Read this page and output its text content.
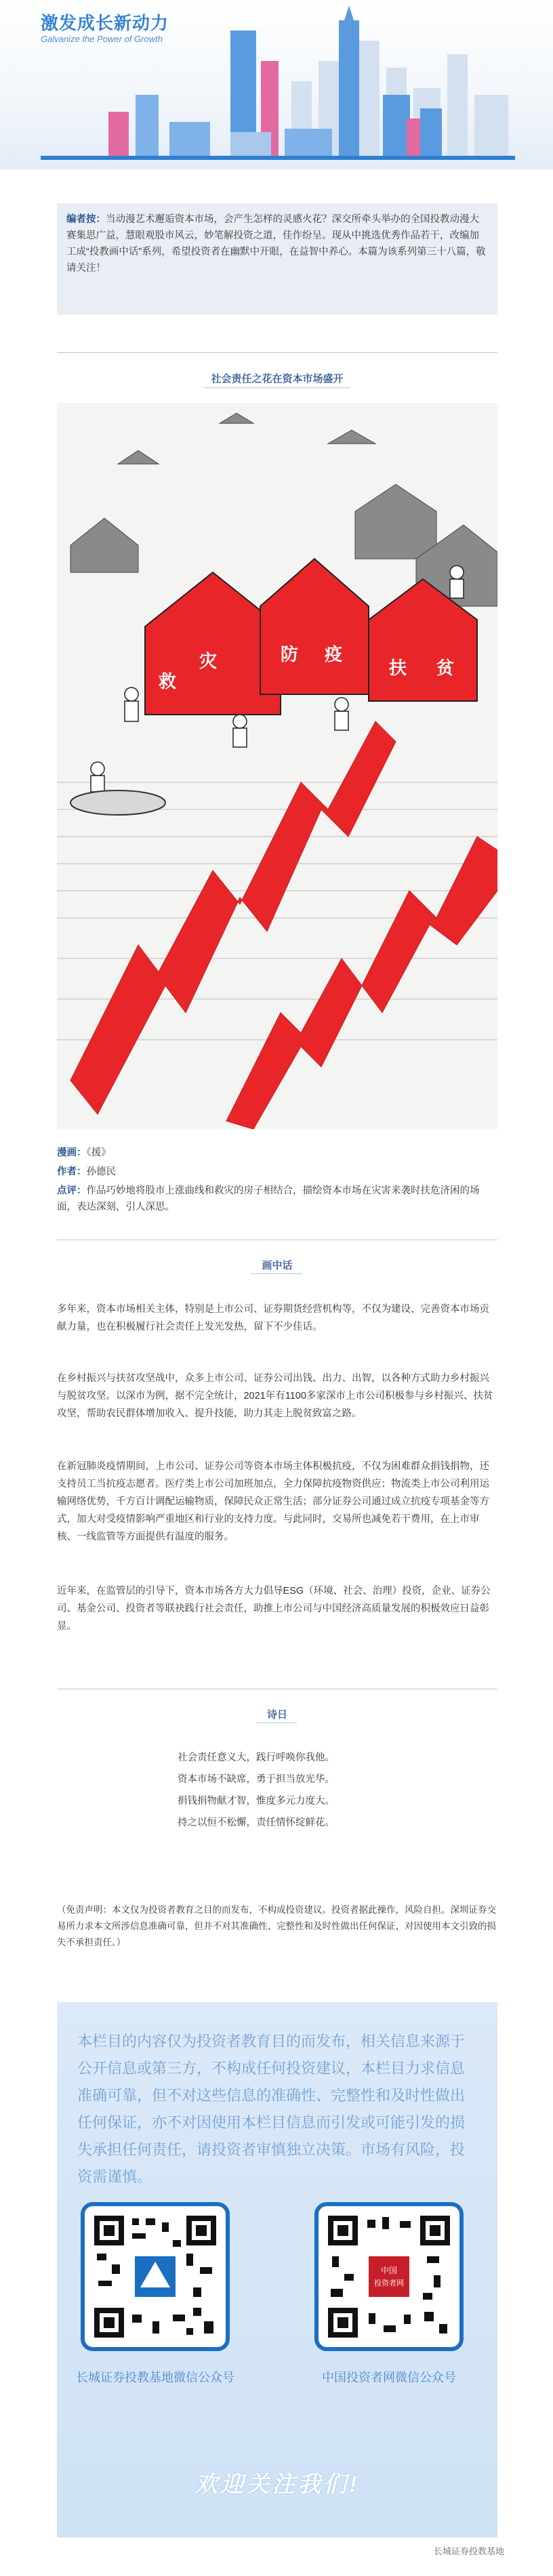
激发成长新动力
Galvanize the Power of Growth
编者按：当动漫艺术邂逅资本市场，会产生怎样的灵感火花？深交所牵头举办的全国投教动漫大赛集思广益，慧眼观股市风云，妙笔解投资之道，佳作纷呈。现从中挑选优秀作品若干，改编加工成“投教画中话”系列，希望投资者在幽默中开眼，在益智中养心。本篇为该系列第三十八篇，敬请关注！
社会责任之花在资本市场盛开
救
灾	防 疫
扶 贫
漫画：《援》
作者：孙德民
点评：作品巧妙地将股市上涨曲线和救灾的房子相结合，描绘资本市场在灾害来袭时扶危济困的场面，表达深刻，引人深思。
画中话
多年来，资本市场相关主体，特别是上市公司、证券期货经营机构等，不仅为建设、完善资本市场贡献力量，也在积极履行社会责任上发光发热，留下不少佳话。
在乡村振兴与扶贫攻坚战中，众多上市公司、证券公司出钱、出力、出智，以各种方式助力乡村振兴与脱贫攻坚。以深市为例，据不完全统计，2021年有1100多家深市上市公司积极参与乡村振兴、扶贫攻坚，帮助农民群体增加收入、提升技能，助力其走上脱贫致富之路。
在新冠肺炎疫情期间，上市公司、证券公司等资本市场主体积极抗疫，不仅为困难群众捐钱捐物，还支持员工当抗疫志愿者。医疗类上市公司加班加点，全力保障抗疫物资供应；物流类上市公司利用运输网络优势，千方百计调配运输物质，保障民众正常生活；部分证券公司通过成立抗疫专项基金等方式，加大对受疫情影响严重地区和行业的支持力度。与此同时，交易所也减免若干费用，在上市审核、一线监管等方面提供有温度的服务。
近年来，在监管层的引导下，资本市场各方大力倡导ESG（环境、社会、治理）投资，企业、证券公司、基金公司、投资者等联袂践行社会责任，助推上市公司与中国经济高质量发展的积极效应日益彰显。
诗日
社会责任意义大，践行呼唤你我他。
资本市场不缺席，勇于担当放光华。
捐钱捐物献才智，惟度多元力度大。
持之以恒不松懈，责任情怀绽鲜花。
（免责声明：本文仅为投资者教育之目的而发布，不构成投资建议。投资者据此操作，风险自担。深圳证券交易所力求本文所涉信息准确可靠，但并不对其准确性、完整性和及时性做出任何保证，对因使用本文引致的损失不承担责任。）
本栏目的内容仅为投资者教育目的而发布，相关信息来源于公开信息或第三方，不构成任何投资建议，本栏目力求信息准确可靠，但不对这些信息的准确性、完整性和及时性做出任何保证，亦不对因使用本栏目信息而引发或可能引发的损失承担任何责任，请投资者审慎独立决策。市场有风险，投资需谨慎。
长城证券投教基地微信公众号
中国
投资者网
中国投资者网微信公众号
欢迎关注我们!
长城证券投教基地
